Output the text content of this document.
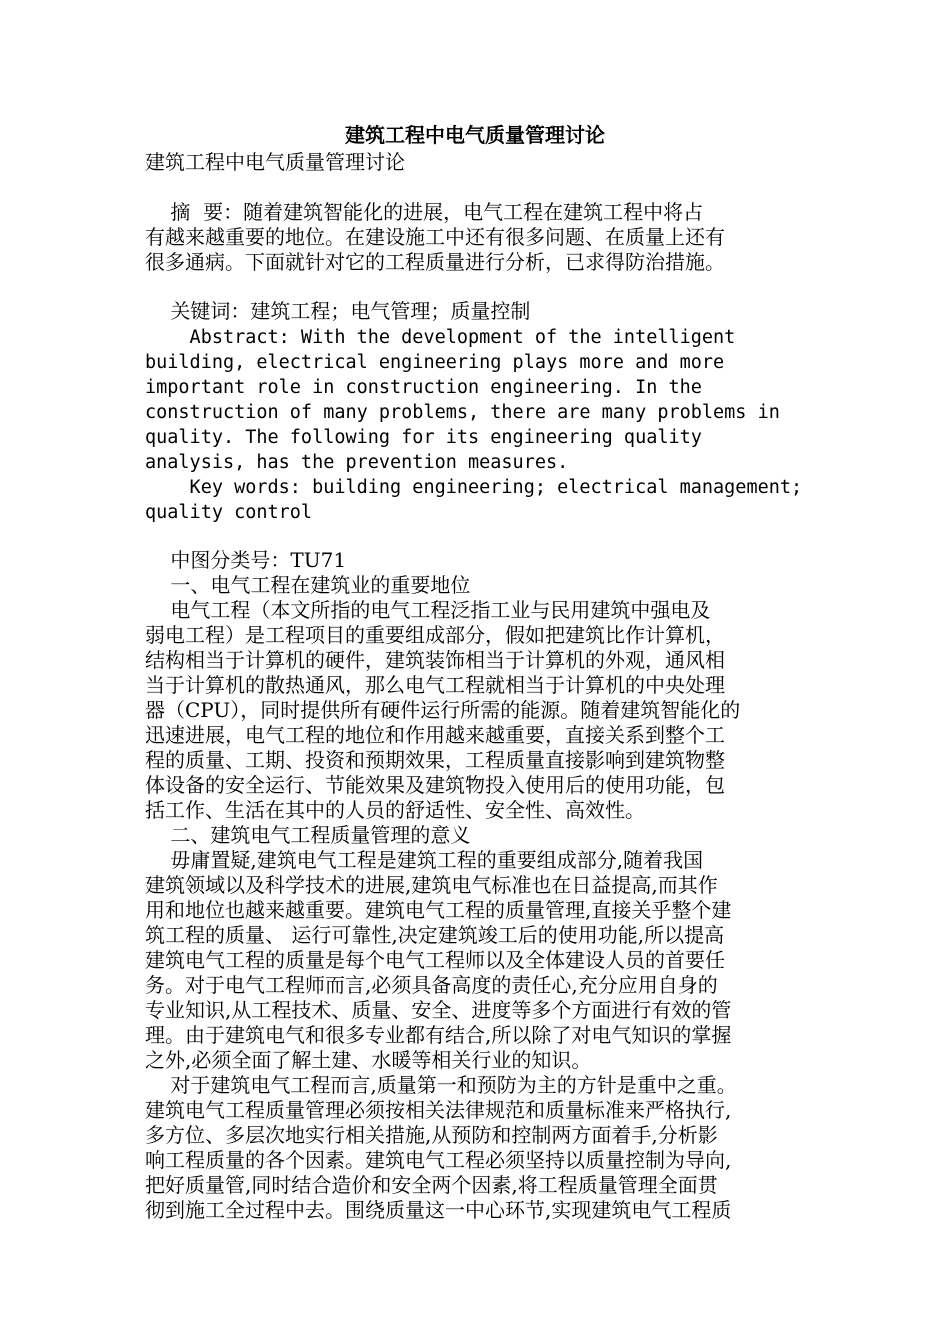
建筑工程中电气质量管理讨论
建筑工程中电气质量管理讨论
摘  要：随着建筑智能化的进展，电气工程在建筑工程中将占
有越来越重要的地位。在建设施工中还有很多问题、在质量上还有
很多通病。下面就针对它的工程质量进行分析，已求得防治措施。
关键词：建筑工程；电气管理；质量控制
Abstract: With the development of the intelligent
building, electrical engineering plays more and more
important role in construction engineering. In the
construction of many problems, there are many problems in
quality. The following for its engineering quality
analysis, has the prevention measures.
Key words: building engineering; electrical management;
quality control
中图分类号：TU71
一、电气工程在建筑业的重要地位
电气工程（本文所指的电气工程泛指工业与民用建筑中强电及
弱电工程）是工程项目的重要组成部分，假如把建筑比作计算机，
结构相当于计算机的硬件，建筑装饰相当于计算机的外观，通风相
当于计算机的散热通风，那么电气工程就相当于计算机的中央处理
器（CPU），同时提供所有硬件运行所需的能源。随着建筑智能化的
迅速进展，电气工程的地位和作用越来越重要，直接关系到整个工
程的质量、工期、投资和预期效果，工程质量直接影响到建筑物整
体设备的安全运行、节能效果及建筑物投入使用后的使用功能，包
括工作、生活在其中的人员的舒适性、安全性、高效性。
二、建筑电气工程质量管理的意义
毋庸置疑,建筑电气工程是建筑工程的重要组成部分,随着我国
建筑领域以及科学技术的进展,建筑电气标准也在日益提高,而其作
用和地位也越来越重要。建筑电气工程的质量管理,直接关乎整个建
筑工程的质量、 运行可靠性,决定建筑竣工后的使用功能,所以提高
建筑电气工程的质量是每个电气工程师以及全体建设人员的首要任
务。对于电气工程师而言,必须具备高度的责任心,充分应用自身的
专业知识,从工程技术、质量、安全、进度等多个方面进行有效的管
理。由于建筑电气和很多专业都有结合,所以除了对电气知识的掌握
之外,必须全面了解土建、水暖等相关行业的知识。
对于建筑电气工程而言,质量第一和预防为主的方针是重中之重。
建筑电气工程质量管理必须按相关法律规范和质量标准来严格执行,
多方位、多层次地实行相关措施,从预防和控制两方面着手,分析影
响工程质量的各个因素。建筑电气工程必须坚持以质量控制为导向,
把好质量管,同时结合造价和安全两个因素,将工程质量管理全面贯
彻到施工全过程中去。围绕质量这一中心环节,实现建筑电气工程质
